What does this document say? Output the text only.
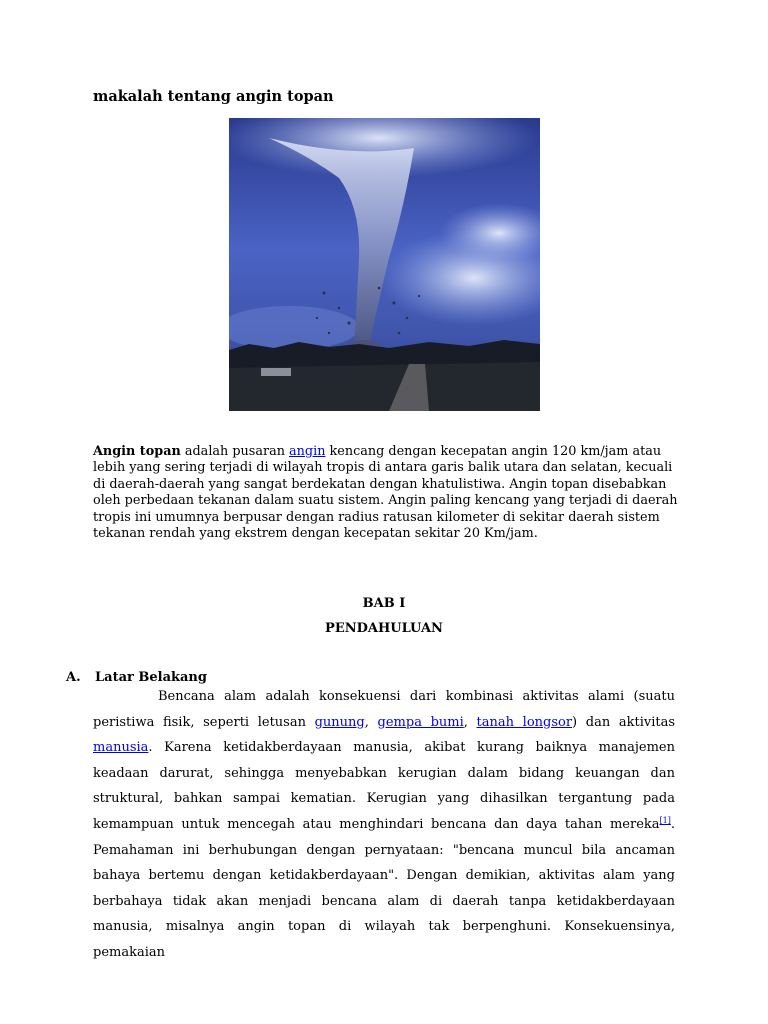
makalah tentang angin topan

Angin topan adalah pusaran angin kencang dengan kecepatan angin 120 km/jam atau lebih yang sering terjadi di wilayah tropis di antara garis balik utara dan selatan, kecuali di daerah-daerah yang sangat berdekatan dengan khatulistiwa. Angin topan disebabkan oleh perbedaan tekanan dalam suatu sistem. Angin paling kencang yang terjadi di daerah tropis ini umumnya berpusar dengan radius ratusan kilometer di sekitar daerah sistem tekanan rendah yang ekstrem dengan kecepatan sekitar 20 Km/jam.

BAB I
PENDAHULUAN
A. Latar Belakang

Bencana alam adalah konsekuensi dari kombinasi aktivitas alami (suatu peristiwa fisik, seperti letusan gunung, gempa bumi, tanah longsor) dan aktivitas manusia. Karena ketidakberdayaan manusia, akibat kurang baiknya manajemen keadaan darurat, sehingga menyebabkan kerugian dalam bidang keuangan dan struktural, bahkan sampai kematian. Kerugian yang dihasilkan tergantung pada kemampuan untuk mencegah atau menghindari bencana dan daya tahan mereka[1]. Pemahaman ini berhubungan dengan pernyataan: "bencana muncul bila ancaman bahaya bertemu dengan ketidakberdayaan". Dengan demikian, aktivitas alam yang berbahaya tidak akan menjadi bencana alam di daerah tanpa ketidakberdayaan manusia, misalnya angin topan di wilayah tak berpenghuni. Konsekuensinya, pemakaian
